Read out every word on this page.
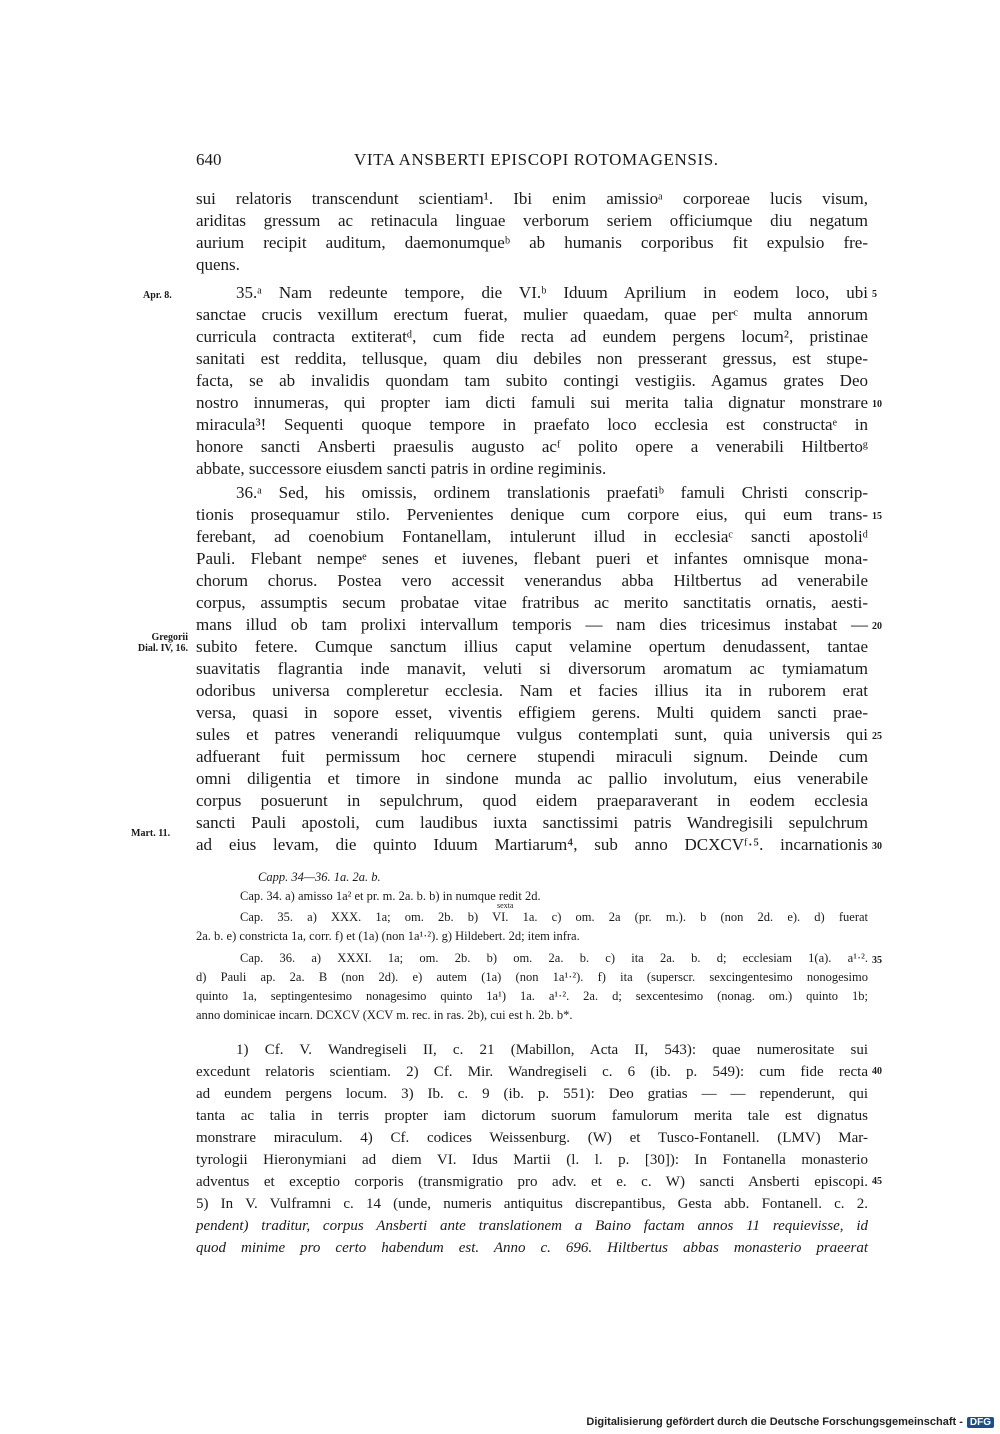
640	VITA ANSBERTI EPISCOPI ROTOMAGENSIS.
Apr. 8.
Gregorii
Dial. IV, 16.
Mart. 11.
sui relatoris transcendunt scientiam¹. Ibi enim amissioᵃ corporeae lucis visum,
ariditas gressum ac retinacula linguae verborum seriem officiumque diu negatum
aurium recipit auditum, daemonumqueᵇ ab humanis corporibus fit expulsio fre-
quens.
35.ᵃ Nam redeunte tempore, die VI.ᵇ Iduum Aprilium in eodem loco, ubi
sanctae crucis vexillum erectum fuerat, mulier quaedam, quae perᶜ multa annorum
curricula contracta extiteratᵈ, cum fide recta ad eundem pergens locum², pristinae
sanitati est reddita, tellusque, quam diu debiles non presserant gressus, est stupe-
facta, se ab invalidis quondam tam subito contingi vestigiis. Agamus grates Deo
nostro innumeras, qui propter iam dicti famuli sui merita talia dignatur monstrare
miracula³! Sequenti quoque tempore in praefato loco ecclesia est constructaᵉ in
honore sancti Ansberti praesulis augusto acᶠ polito opere a venerabili Hiltbertoᵍ
abbate, successore eiusdem sancti patris in ordine regiminis.
36.ᵃ Sed, his omissis, ordinem translationis praefatiᵇ famuli Christi conscrip-
tionis prosequamur stilo. Pervenientes denique cum corpore eius, qui eum trans-
ferebant, ad coenobium Fontanellam, intulerunt illud in ecclesiaᶜ sancti apostoliᵈ
Pauli. Flebant nempeᵉ senes et iuvenes, flebant pueri et infantes omnisque mona-
chorum chorus. Postea vero accessit venerandus abba Hiltbertus ad venerabile
corpus, assumptis secum probatae vitae fratribus ac merito sanctitatis ornatis, aesti-
mans illud ob tam prolixi intervallum temporis — nam dies tricesimus instabat —
subito fetere. Cumque sanctum illius caput velamine opertum denudassent, tantae
suavitatis flagrantia inde manavit, veluti si diversorum aromatum ac tymiamatum
odoribus universa compleretur ecclesia. Nam et facies illius ita in ruborem erat
versa, quasi in sopore esset, viventis effigiem gerens. Multi quidem sancti prae-
sules et patres venerandi reliquumque vulgus contemplati sunt, quia universis qui
adfuerant fuit permissum hoc cernere stupendi miraculi signum. Deinde cum
omni diligentia et timore in sindone munda ac pallio involutum, eius venerabile
corpus posuerunt in sepulchrum, quod eidem praeparaverant in eodem ecclesia
sancti Pauli apostoli, cum laudibus iuxta sanctissimi patris Wandregisili sepulchrum
ad eius levam, die quinto Iduum Martiarum⁴, sub anno DCXCVᶠ·⁵. incarnationis
5
10
15
20
25
30
Capp. 34—36. 1a. 2a. b.
Cap. 34. a) amisso 1a² et pr. m. 2a. b. b) in numque redit 2d.
sexta
Cap. 35. a) XXX. 1a; om. 2b. b) VI. 1a. c) om. 2a (pr. m.). b (non 2d. e). d) fuerat
2a. b. e) constricta 1a, corr. f) et (1a) (non 1a¹·²). g) Hildebert. 2d; item infra.
Cap. 36. a) XXXI. 1a; om. 2b. b) om. 2a. b. c) ita 2a. b. d; ecclesiam 1(a). a¹·².
d) Pauli ap. 2a. B (non 2d). e) autem (1a) (non 1a¹·²). f) ita (superscr. sexcingentesimo nonogesimo
quinto 1a, septingentesimo nonagesimo quinto 1a¹) 1a. a¹·². 2a. d; sexcentesimo (nonag. om.) quinto 1b;
anno dominicae incarn. DCXCV (XCV m. rec. in ras. 2b), cui est h. 2b. b*.
35
1) Cf. V. Wandregiseli II, c. 21 (Mabillon, Acta II, 543): quae numerositate sui
excedunt relatoris scientiam. 2) Cf. Mir. Wandregiseli c. 6 (ib. p. 549): cum fide recta
ad eundem pergens locum. 3) Ib. c. 9 (ib. p. 551): Deo gratias — — rependerunt, qui
tanta ac talia in terris propter iam dictorum suorum famulorum merita tale est dignatus
monstrare miraculum. 4) Cf. codices Weissenburg. (W) et Tusco-Fontanell. (LMV) Mar-
tyrologii Hieronymiani ad diem VI. Idus Martii (l. l. p. [30]): In Fontanella monasterio
adventus et exceptio corporis (transmigratio pro adv. et e. c. W) sancti Ansberti episcopi.
5) In V. Vulframni c. 14 (unde, numeris antiquitus discrepantibus, Gesta abb. Fontanell. c. 2.
pendent) traditur, corpus Ansberti ante translationem a Baino factam annos 11 requievisse, id
quod minime pro certo habendum est. Anno c. 696. Hiltbertus abbas monasterio praeerat
40
45
Digitalisierung gefördert durch die Deutsche Forschungsgemeinschaft - DFG
